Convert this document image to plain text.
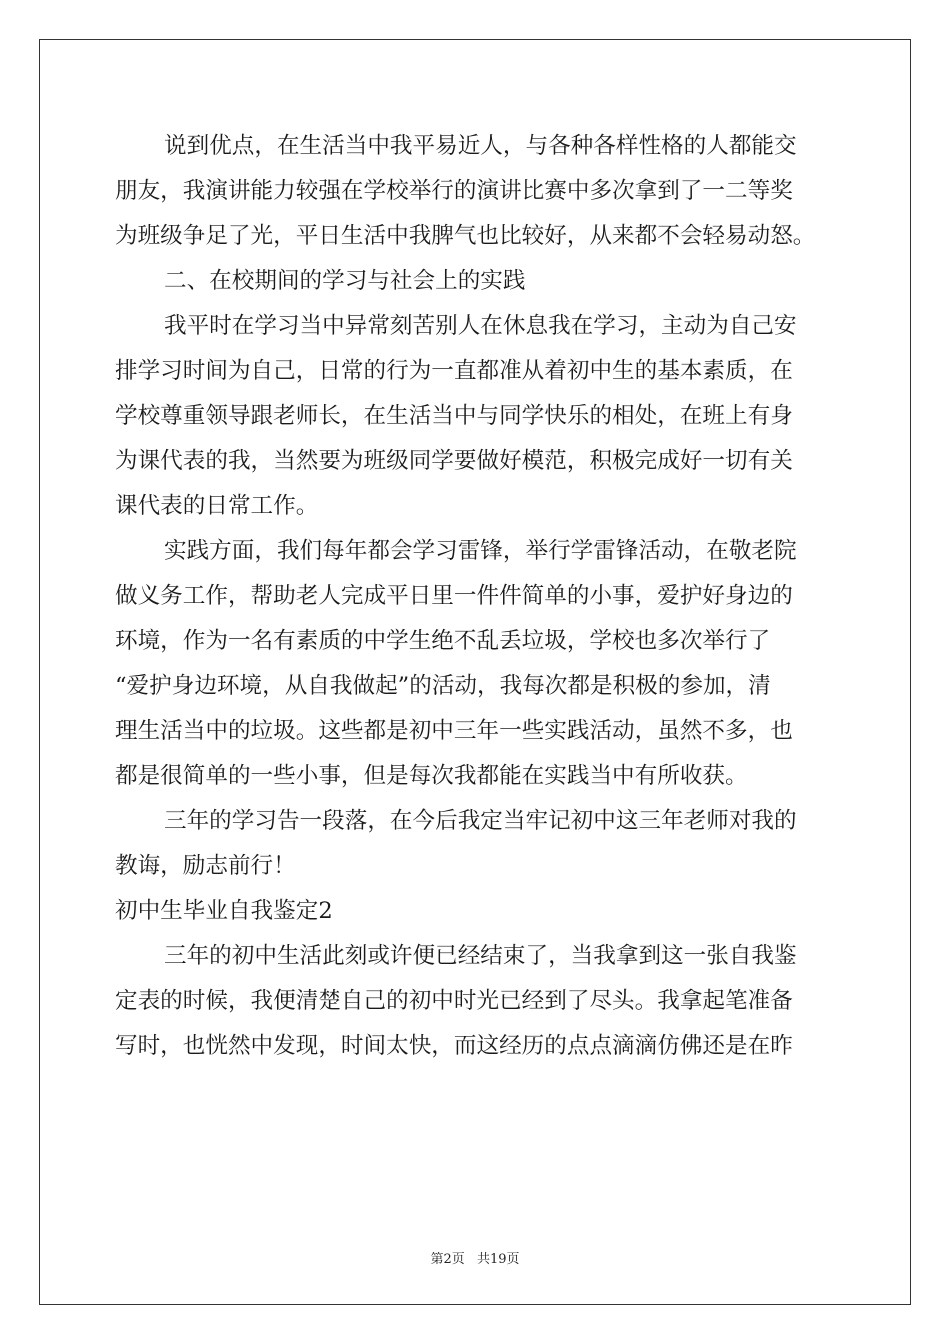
说到优点，在生活当中我平易近人，与各种各样性格的人都能交
朋友，我演讲能力较强在学校举行的演讲比赛中多次拿到了一二等奖
为班级争足了光，平日生活中我脾气也比较好，从来都不会轻易动怒。
二、在校期间的学习与社会上的实践
我平时在学习当中异常刻苦别人在休息我在学习，主动为自己安
排学习时间为自己，日常的行为一直都准从着初中生的基本素质，在
学校尊重领导跟老师长，在生活当中与同学快乐的相处，在班上有身
为课代表的我，当然要为班级同学要做好模范，积极完成好一切有关
课代表的日常工作。
实践方面，我们每年都会学习雷锋，举行学雷锋活动，在敬老院
做义务工作，帮助老人完成平日里一件件简单的小事，爱护好身边的
环境，作为一名有素质的中学生绝不乱丢垃圾，学校也多次举行了
“爱护身边环境，从自我做起”的活动，我每次都是积极的参加，清
理生活当中的垃圾。这些都是初中三年一些实践活动，虽然不多，也
都是很简单的一些小事，但是每次我都能在实践当中有所收获。
三年的学习告一段落，在今后我定当牢记初中这三年老师对我的
教诲，励志前行！
初中生毕业自我鉴定2
三年的初中生活此刻或许便已经结束了，当我拿到这一张自我鉴
定表的时候，我便清楚自己的初中时光已经到了尽头。我拿起笔准备
写时，也恍然中发现，时间太快，而这经历的点点滴滴仿佛还是在昨
第2页 共19页
